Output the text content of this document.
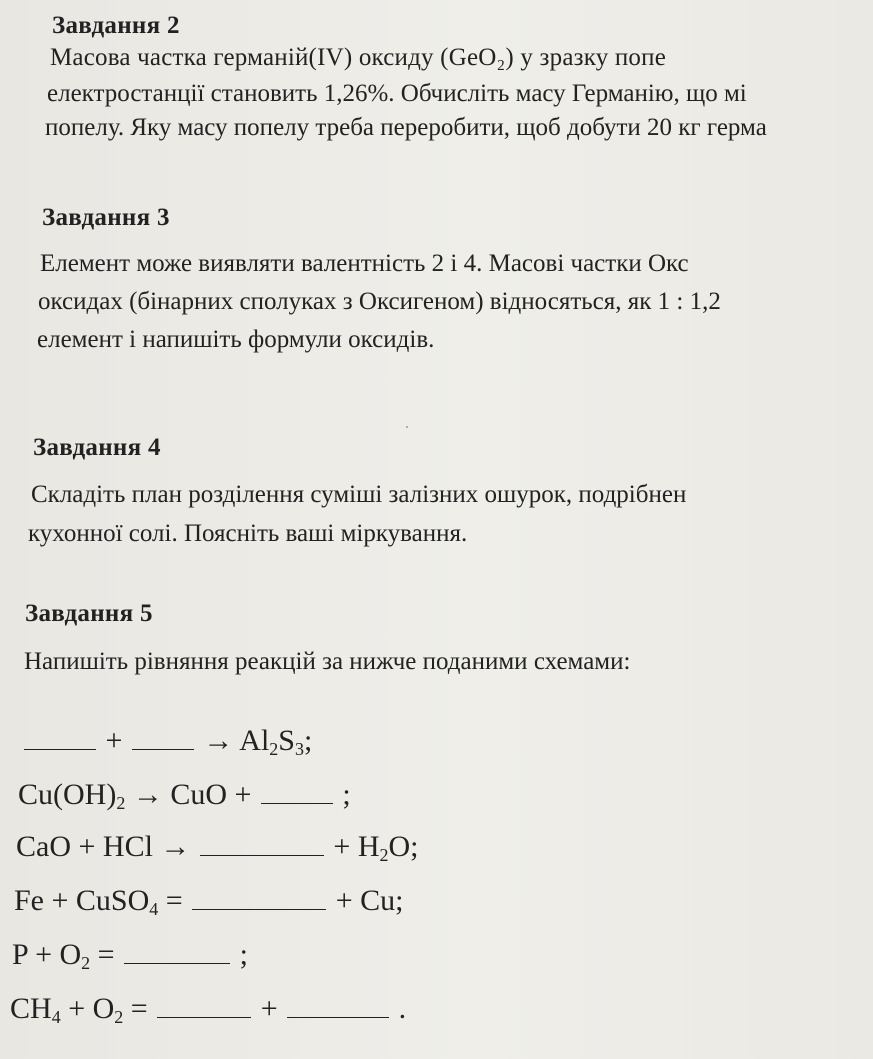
Завдання 2
Масова частка германій(IV) оксиду (GeO₂) у зразку попе
електростанції становить 1,26%. Обчисліть масу Германію, що мі
попелу. Яку масу попелу треба переробити, щоб добути 20 кг герма
Завдання 3
Елемент може виявляти валентність 2 і 4. Масові частки Окс
оксидах (бінарних сполуках з Оксигеном) відносяться, як 1 : 1,2
елемент і напишіть формули оксидів.
Завдання 4
Складіть план розділення суміші залізних ошурок, подрібнен
кухонної солі. Поясніть ваші міркування.
Завдання 5
Напишіть рівняння реакцій за нижче поданими схемами:
+	→ $Al_2S_3$;
$Cu(OH)_2$ → CuO +	;
CaO + HCl →	+ $H_2O$;
Fe + CuSO$_4$ =	+ Cu;
$P + O_2$ =	;
$CH_4 + O_2$ =	+	.
